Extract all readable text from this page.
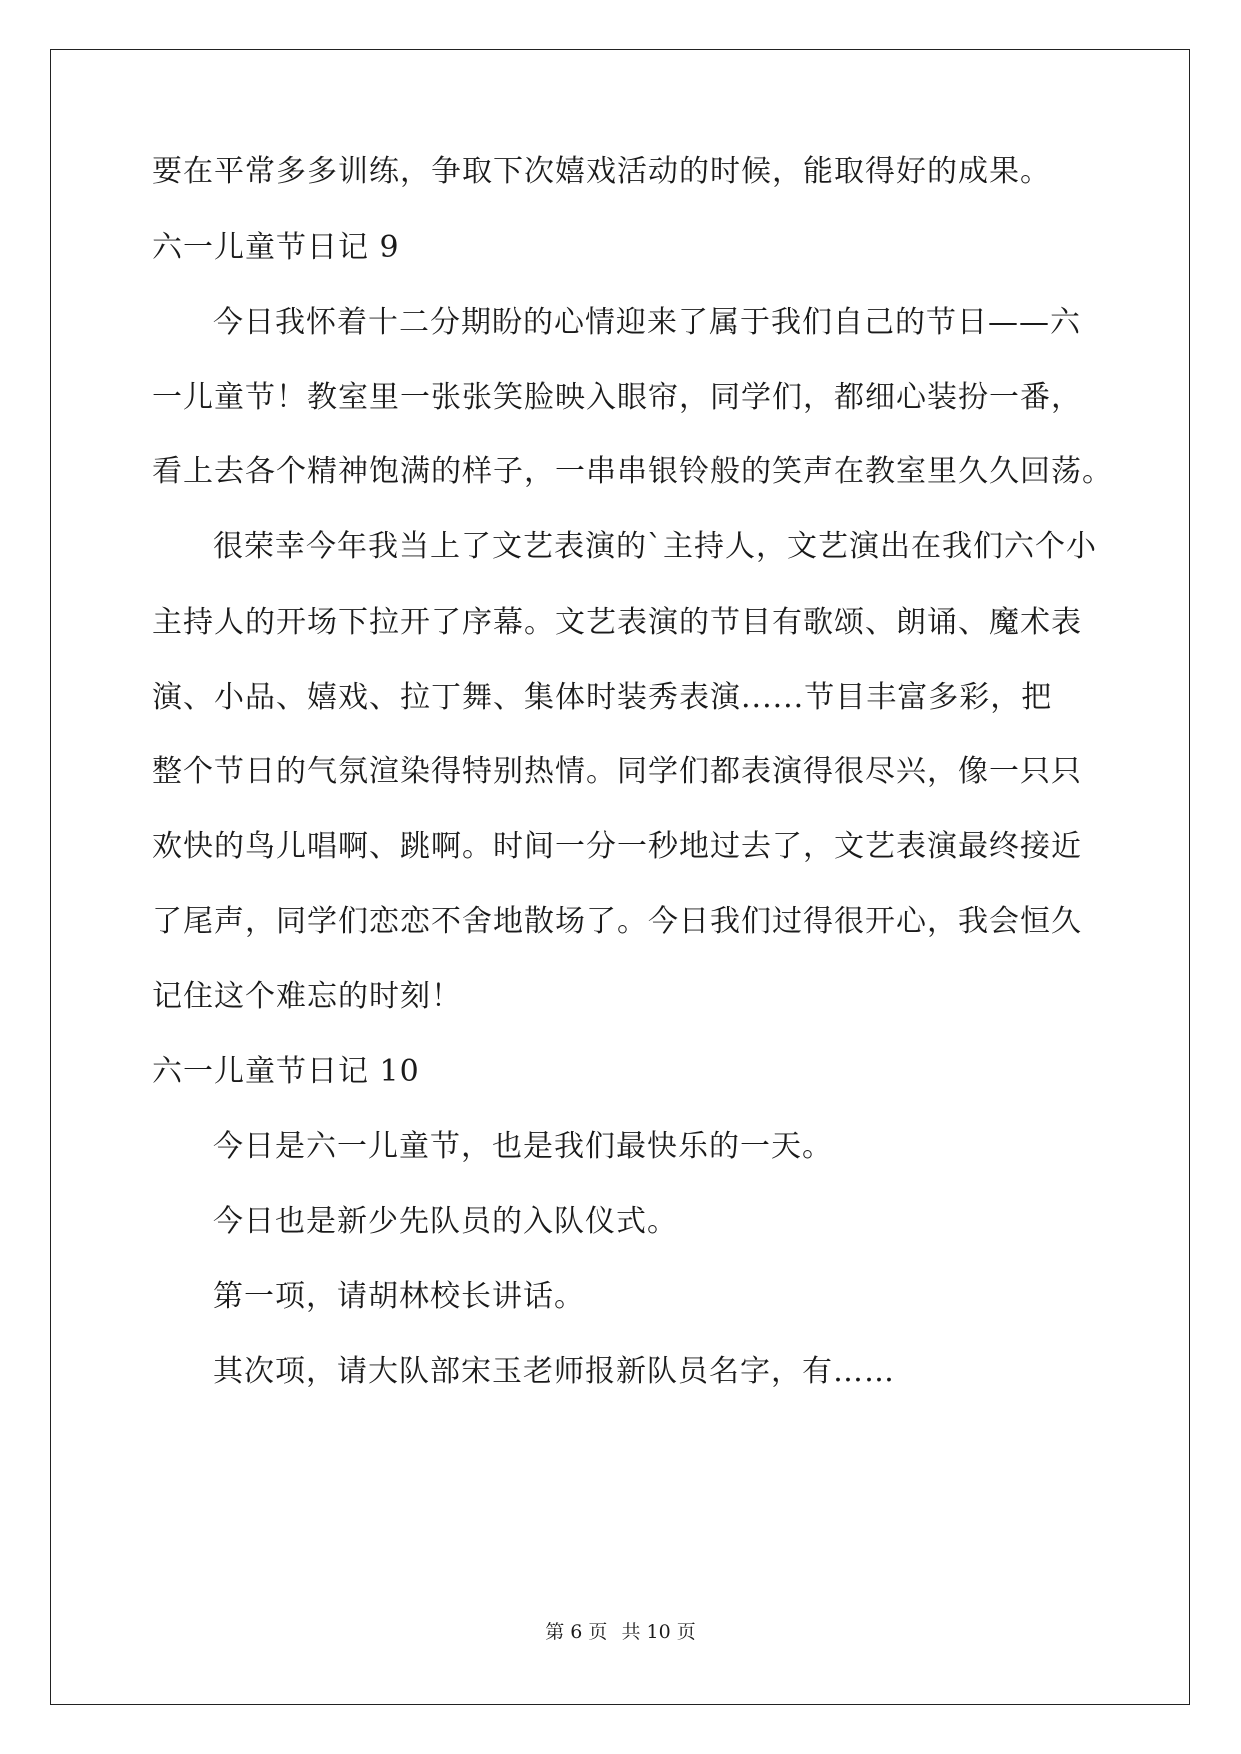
要在平常多多训练，争取下次嬉戏活动的时候，能取得好的成果。
六一儿童节日记 9
今日我怀着十二分期盼的心情迎来了属于我们自己的节日——六
一儿童节！教室里一张张笑脸映入眼帘，同学们，都细心装扮一番，
看上去各个精神饱满的样子，一串串银铃般的笑声在教室里久久回荡。
很荣幸今年我当上了文艺表演的`主持人，文艺演出在我们六个小
主持人的开场下拉开了序幕。文艺表演的节目有歌颂、朗诵、魔术表
演、小品、嬉戏、拉丁舞、集体时装秀表演......节目丰富多彩，把
整个节日的气氛渲染得特别热情。同学们都表演得很尽兴，像一只只
欢快的鸟儿唱啊、跳啊。时间一分一秒地过去了，文艺表演最终接近
了尾声，同学们恋恋不舍地散场了。今日我们过得很开心，我会恒久
记住这个难忘的时刻！
六一儿童节日记 10
今日是六一儿童节，也是我们最快乐的一天。
今日也是新少先队员的入队仪式。
第一项，请胡林校长讲话。
其次项，请大队部宋玉老师报新队员名字，有……
第 6 页 共 10 页
